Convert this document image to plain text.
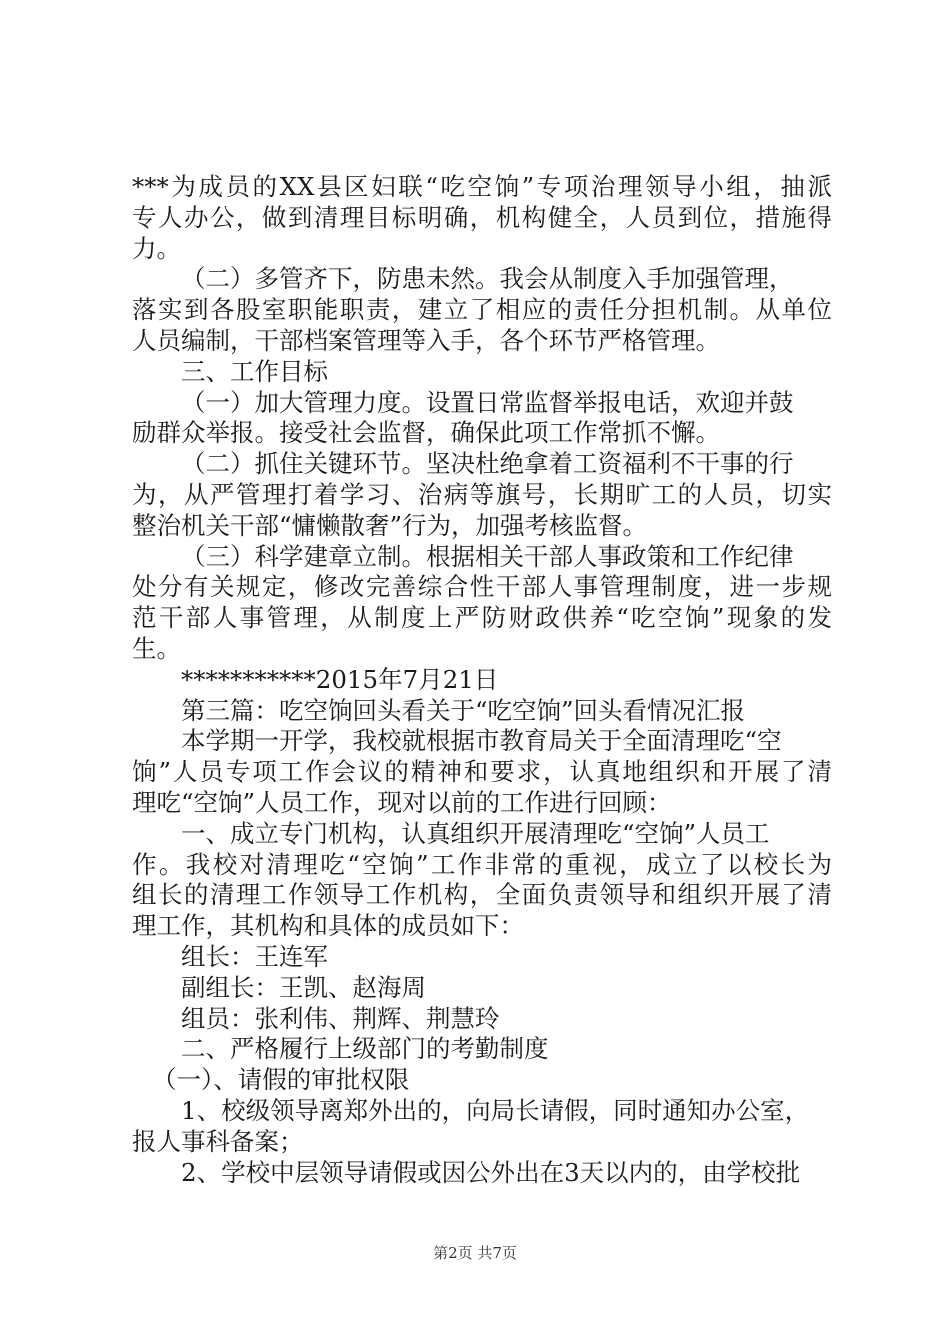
***为成员的XX县区妇联“吃空饷”专项治理领导小组，抽派
专人办公，做到清理目标明确，机构健全，人员到位，措施得
力。
（二）多管齐下，防患未然。我会从制度入手加强管理，
落实到各股室职能职责，建立了相应的责任分担机制。从单位
人员编制，干部档案管理等入手，各个环节严格管理。
三、工作目标
（一）加大管理力度。设置日常监督举报电话，欢迎并鼓
励群众举报。接受社会监督，确保此项工作常抓不懈。
（二）抓住关键环节。坚决杜绝拿着工资福利不干事的行
为，从严管理打着学习、治病等旗号，长期旷工的人员，切实
整治机关干部“慵懒散奢”行为，加强考核监督。
（三）科学建章立制。根据相关干部人事政策和工作纪律
处分有关规定，修改完善综合性干部人事管理制度，进一步规
范干部人事管理，从制度上严防财政供养“吃空饷”现象的发
生。
***********2015年7月21日
第三篇：吃空饷回头看关于“吃空饷”回头看情况汇报
本学期一开学，我校就根据市教育局关于全面清理吃“空
饷”人员专项工作会议的精神和要求，认真地组织和开展了清
理吃“空饷”人员工作，现对以前的工作进行回顾：
一、成立专门机构，认真组织开展清理吃“空饷”人员工
作。我校对清理吃“空饷”工作非常的重视，成立了以校长为
组长的清理工作领导工作机构，全面负责领导和组织开展了清
理工作，其机构和具体的成员如下：
组长：王连军
副组长：王凯、赵海周
组员：张利伟、荆辉、荆慧玲
二、严格履行上级部门的考勤制度
（一）、请假的审批权限
1、校级领导离郑外出的，向局长请假，同时通知办公室，
报人事科备案；
2、学校中层领导请假或因公外出在3天以内的，由学校批
第2页 共7页
